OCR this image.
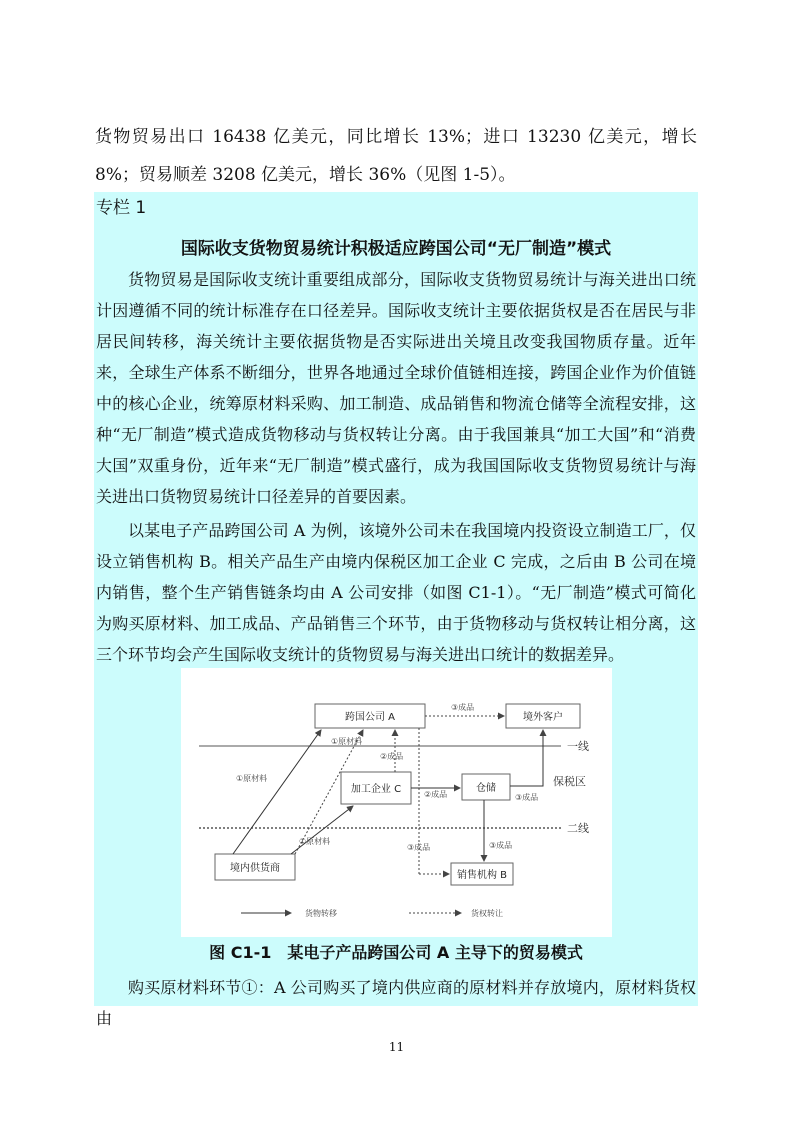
货物贸易出口 16438 亿美元，同比增长 13%；进口 13230 亿美元，增长 8%；贸易顺差 3208 亿美元，增长 36%（见图 1-5）。
专栏 1
国际收支货物贸易统计积极适应跨国公司“无厂制造”模式
货物贸易是国际收支统计重要组成部分，国际收支货物贸易统计与海关进出口统计因遵循不同的统计标准存在口径差异。国际收支统计主要依据货权是否在居民与非居民间转移，海关统计主要依据货物是否实际进出关境且改变我国物质存量。近年来，全球生产体系不断细分，世界各地通过全球价值链相连接，跨国企业作为价值链中的核心企业，统筹原材料采购、加工制造、成品销售和物流仓储等全流程安排，这种“无厂制造”模式造成货物移动与货权转让分离。由于我国兼具“加工大国”和“消费大国”双重身份，近年来“无厂制造”模式盛行，成为我国国际收支货物贸易统计与海关进出口货物贸易统计口径差异的首要因素。
以某电子产品跨国公司 A 为例，该境外公司未在我国境内投资设立制造工厂，仅设立销售机构 B。相关产品生产由境内保税区加工企业 C 完成，之后由 B 公司在境内销售，整个生产销售链条均由 A 公司安排（如图 C1-1）。“无厂制造”模式可简化为购买原材料、加工成品、产品销售三个环节，由于货物移动与货权转让相分离，这三个环节均会产生国际收支统计的货物贸易与海关进出口统计的数据差异。
跨国公司 A	境外客户
加工企业 C	仓储
境内供货商
销售机构 B
一线
二线
保税区
③成品
①原材料
②成品
③成品
②成品
①原材料
①原材料
③成品
③成品
货物转移	货权转让
图 C1-1　某电子产品跨国公司 A 主导下的贸易模式
购买原材料环节①：A 公司购买了境内供应商的原材料并存放境内，原材料货权由
11
